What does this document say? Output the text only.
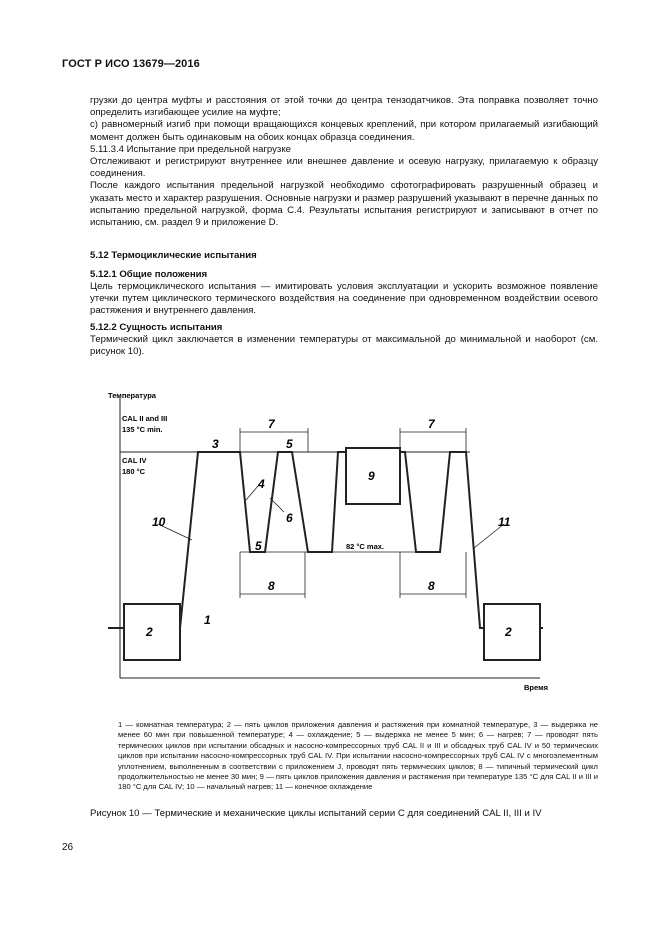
ГОСТ Р ИСО 13679—2016

грузки до центра муфты и расстояния от этой точки до центра тензодатчиков. Эта поправка позволяет точно определить изгибающее усилие на муфте;

с) равномерный изгиб при помощи вращающихся концевых креплений, при котором прилагаемый изгибающий момент должен быть одинаковым на обоих концах образца соединения.

5.11.3.4 Испытание при предельной нагрузке

Отслеживают и регистрируют внутреннее или внешнее давление и осевую нагрузку, прилагаемую к образцу соединения.

После каждого испытания предельной нагрузкой необходимо сфотографировать разрушенный образец и указать место и характер разрушения. Основные нагрузки и размер разрушений указывают в перечне данных по испытанию предельной нагрузкой, форма С.4. Результаты испытания регистрируют и записывают в отчет по испытанию, см. раздел 9 и приложение D.

5.12 Термоциклические испытания
5.12.1 Общие положения

Цель термоциклического испытания — имитировать условия эксплуатации и ускорить возможное появление утечки путем циклического термического воздействия на соединение при одновременном воздействии осевого растяжения и внутреннего давления.

5.12.2 Сущность испытания

Термический цикл заключается в изменении температуры от максимальной до минимальной и наоборот (см. рисунок 10).

Температура
Время
CAL II and III
135 °C min.
CAL IV
180 °C
82 °C max.
2	2
1
3
4
5
5
6
7	7
8	8
9
10	11
1 — комнатная температура; 2 — пять циклов приложения давления и растяжения при комнатной температуре, 3 — выдержка не менее 60 мин при повышенной температуре; 4 — охлаждение; 5 — выдержка не менее 5 мин; 6 — нагрев; 7 — проводят пять термических циклов при испытании обсадных и насосно-компрессорных труб CAL II и III и обсадных труб CAL IV и 50 термических циклов при испытании насосно-компрессорных труб CAL IV. При испытании насосно-компрессорных труб CAL IV с многоэлементным уплотнением, выполненным в соответствии с приложением J, проводят пять термических циклов; 8 — типичный термический цикл продолжительностью не менее 30 мин; 9 — пять циклов приложения давления и растяжения при температуре 135 °С для CAL II и III и 180 °С для CAL IV; 10 — начальный нагрев; 11 — конечное охлаждение
Рисунок 10 — Термические и механические циклы испытаний серии С для соединений CAL II, III и IV
26
